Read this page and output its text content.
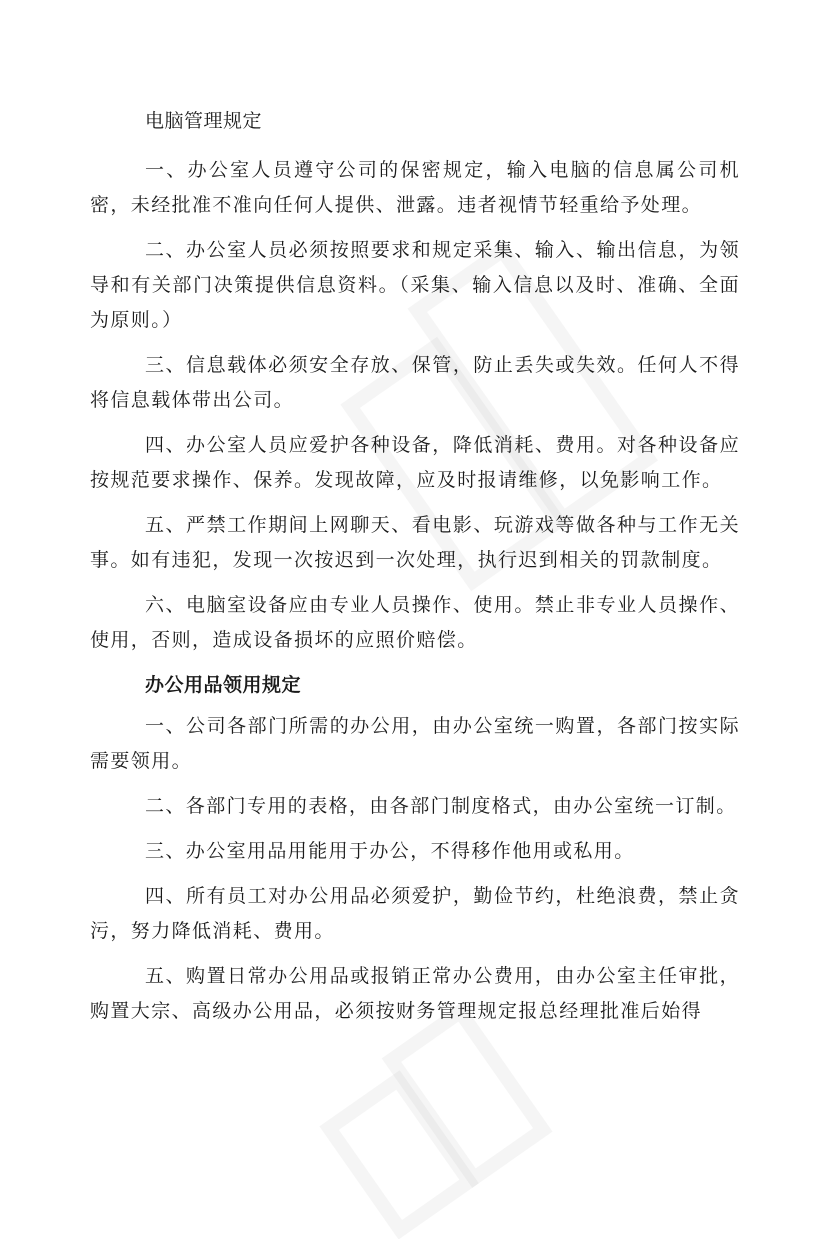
电脑管理规定

一、办公室人员遵守公司的保密规定，输入电脑的信息属公司机密，未经批准不准向任何人提供、泄露。违者视情节轻重给予处理。

二、办公室人员必须按照要求和规定采集、输入、输出信息，为领导和有关部门决策提供信息资料。（采集、输入信息以及时、准确、全面为原则。）

三、信息载体必须安全存放、保管，防止丢失或失效。任何人不得将信息载体带出公司。

四、办公室人员应爱护各种设备，降低消耗、费用。对各种设备应按规范要求操作、保养。发现故障，应及时报请维修，以免影响工作。

五、严禁工作期间上网聊天、看电影、玩游戏等做各种与工作无关事。如有违犯，发现一次按迟到一次处理，执行迟到相关的罚款制度。

六、电脑室设备应由专业人员操作、使用。禁止非专业人员操作、使用，否则，造成设备损坏的应照价赔偿。

办公用品领用规定

一、公司各部门所需的办公用，由办公室统一购置，各部门按实际需要领用。

二、各部门专用的表格，由各部门制度格式，由办公室统一订制。

三、办公室用品用能用于办公，不得移作他用或私用。

四、所有员工对办公用品必须爱护，勤俭节约，杜绝浪费，禁止贪污，努力降低消耗、费用。

五、购置日常办公用品或报销正常办公费用，由办公室主任审批，购置大宗、高级办公用品，必须按财务管理规定报总经理批准后始得
